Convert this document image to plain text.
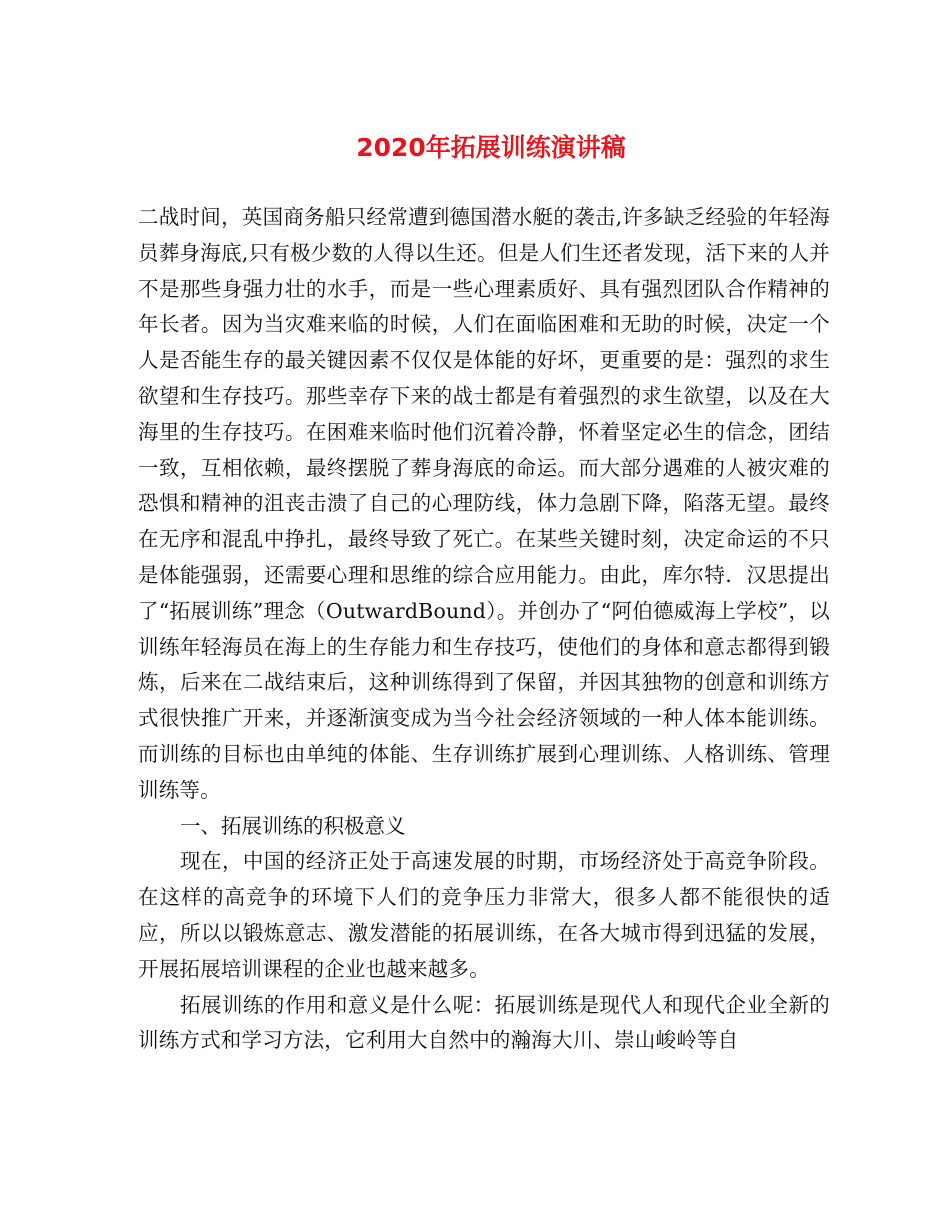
2020年拓展训练演讲稿

二战时间，英国商务船只经常遭到德国潜水艇的袭击,许多缺乏经验的年轻海员葬身海底,只有极少数的人得以生还。但是人们生还者发现，活下来的人并不是那些身强力壮的水手，而是一些心理素质好、具有强烈团队合作精神的年长者。因为当灾难来临的时候，人们在面临困难和无助的时候，决定一个人是否能生存的最关键因素不仅仅是体能的好坏，更重要的是：强烈的求生欲望和生存技巧。那些幸存下来的战士都是有着强烈的求生欲望，以及在大海里的生存技巧。在困难来临时他们沉着冷静，怀着坚定必生的信念，团结一致，互相依赖，最终摆脱了葬身海底的命运。而大部分遇难的人被灾难的恐惧和精神的沮丧击溃了自己的心理防线，体力急剧下降，陷落无望。最终在无序和混乱中挣扎，最终导致了死亡。在某些关键时刻，决定命运的不只是体能强弱，还需要心理和思维的综合应用能力。由此，库尔特．汉思提出了“拓展训练”理念（OutwardBound）。并创办了“阿伯德威海上学校”，以训练年轻海员在海上的生存能力和生存技巧，使他们的身体和意志都得到锻炼，后来在二战结束后，这种训练得到了保留，并因其独物的创意和训练方式很快推广开来，并逐渐演变成为当今社会经济领域的一种人体本能训练。而训练的目标也由单纯的体能、生存训练扩展到心理训练、人格训练、管理训练等。

一、拓展训练的积极意义

现在，中国的经济正处于高速发展的时期，市场经济处于高竞争阶段。在这样的高竞争的环境下人们的竞争压力非常大，很多人都不能很快的适应，所以以锻炼意志、激发潜能的拓展训练，在各大城市得到迅猛的发展，开展拓展培训课程的企业也越来越多。

拓展训练的作用和意义是什么呢：拓展训练是现代人和现代企业全新的训练方式和学习方法，它利用大自然中的瀚海大川、崇山峻岭等自
